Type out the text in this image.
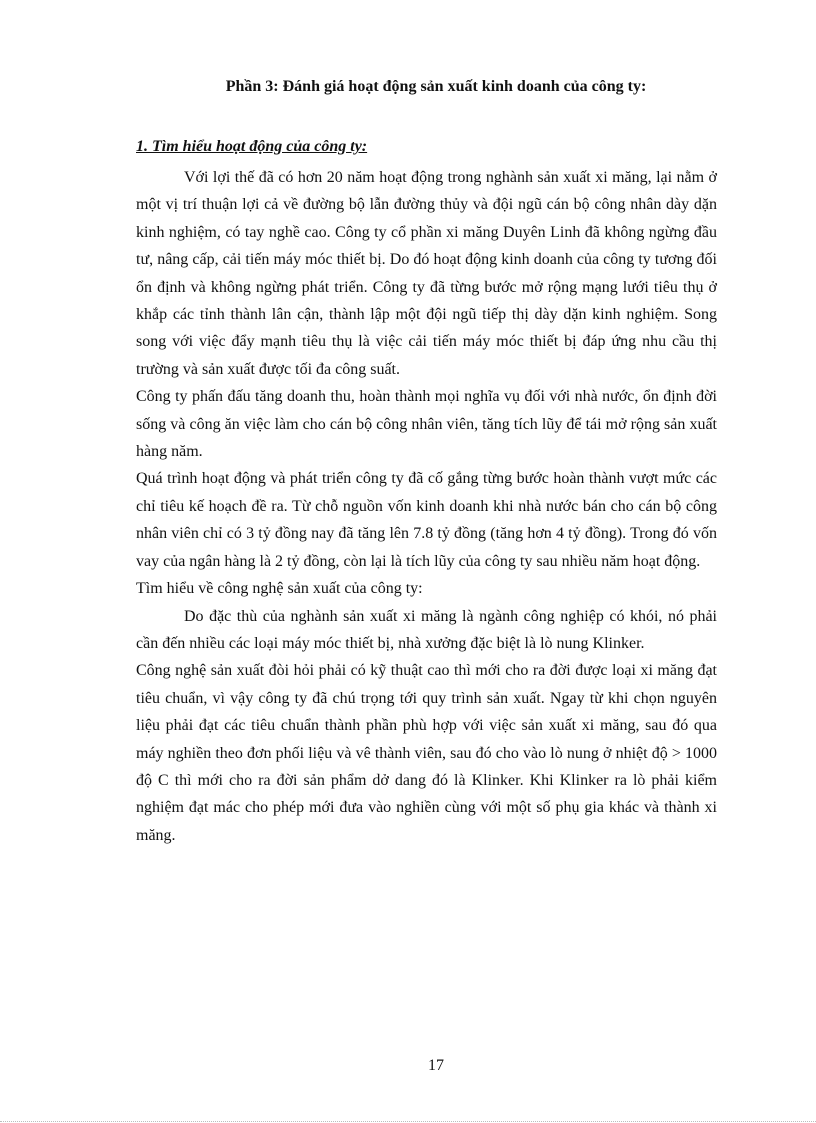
Phần 3: Đánh giá hoạt động sản xuất kinh doanh của công ty:
1. Tìm hiểu hoạt động của công ty:

Với lợi thế đã có hơn 20 năm hoạt động trong nghành sản xuất xi măng, lại nằm ở một vị trí thuận lợi cả về đường bộ lẫn đường thủy và đội ngũ cán bộ công nhân dày dặn kinh nghiệm, có tay nghề cao. Công ty cổ phần xi măng Duyên Linh đã không ngừng đầu tư, nâng cấp, cải tiến máy móc thiết bị. Do đó hoạt động kinh doanh của công ty tương đối ổn định và không ngừng phát triển. Công ty đã từng bước mở rộng mạng lưới tiêu thụ ở khắp các tỉnh thành lân cận, thành lập một đội ngũ tiếp thị dày dặn kinh nghiệm. Song song với việc đẩy mạnh tiêu thụ là việc cải tiến máy móc thiết bị đáp ứng nhu cầu thị trường và sản xuất được tối đa công suất.

Công ty phấn đấu tăng doanh thu, hoàn thành mọi nghĩa vụ đối với nhà nước, ổn định đời sống và công ăn việc làm cho cán bộ công nhân viên, tăng tích lũy để tái mở rộng sản xuất hàng năm.

Quá trình hoạt động và phát triển công ty đã cố gắng từng bước hoàn thành vượt mức các chỉ tiêu kế hoạch đề ra. Từ chỗ nguồn vốn kinh doanh khi nhà nước bán cho cán bộ công nhân viên chỉ có 3 tỷ đồng nay đã tăng lên 7.8 tỷ đồng (tăng hơn 4 tỷ đồng). Trong đó vốn vay của ngân hàng là 2 tỷ đồng, còn lại là tích lũy của công ty sau nhiều năm hoạt động.

Tìm hiểu về công nghệ sản xuất của công ty:

Do đặc thù của nghành sản xuất xi măng là ngành công nghiệp có khói, nó phải cần đến nhiều các loại máy móc thiết bị, nhà xưởng đặc biệt là lò nung Klinker.

Công nghệ sản xuất đòi hỏi phải có kỹ thuật cao thì mới cho ra đời được loại xi măng đạt tiêu chuẩn, vì vậy công ty đã chú trọng tới quy trình sản xuất. Ngay từ khi chọn nguyên liệu phải đạt các tiêu chuẩn thành phần phù hợp với việc sản xuất xi măng, sau đó qua máy nghiền theo đơn phối liệu và vê thành viên, sau đó cho vào lò nung ở nhiệt độ > 1000 độ C thì mới cho ra đời sản phẩm dở dang đó là Klinker. Khi Klinker ra lò phải kiểm nghiệm đạt mác cho phép mới đưa vào nghiền cùng với một số phụ gia khác và thành xi măng.

17
